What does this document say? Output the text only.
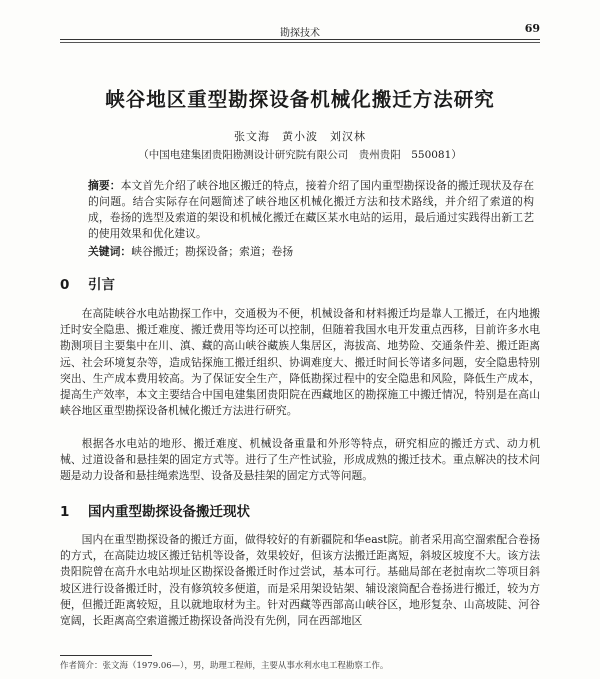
勘探技术	69
峡谷地区重型勘探设备机械化搬迁方法研究
张文海　黄小波　刘汉林
（中国电建集团贵阳勘测设计研究院有限公司　贵州贵阳　550081）
摘要：本文首先介绍了峡谷地区搬迁的特点，接着介绍了国内重型勘探设备的搬迁现状及存在的问题。结合实际存在问题简述了峡谷地区机械化搬迁方法和技术路线，并介绍了索道的构成，卷扬的选型及索道的架设和机械化搬迁在藏区某水电站的运用，最后通过实践得出新工艺的使用效果和优化建议。
关键词：峡谷搬迁；勘探设备；索道；卷扬
0 引言
在高陡峡谷水电站勘探工作中，交通极为不便，机械设备和材料搬迁均是靠人工搬迁，在内地搬迁时安全隐患、搬迁难度、搬迁费用等均还可以控制，但随着我国水电开发重点西移，目前许多水电勘测项目主要集中在川、滇、藏的高山峡谷藏族人集居区，海拔高、地势险、交通条件差、搬迁距离远、社会环境复杂等，造成钻探施工搬迁组织、协调难度大、搬迁时间长等诸多问题，安全隐患特别突出、生产成本费用较高。为了保证安全生产，降低勘探过程中的安全隐患和风险，降低生产成本，提高生产效率，本文主要结合中国电建集团贵阳院在西藏地区的勘探施工中搬迁情况，特别是在高山峡谷地区重型勘探设备机械化搬迁方法进行研究。
根据各水电站的地形、搬迁难度、机械设备重量和外形等特点，研究相应的搬迁方式、动力机械、过道设备和悬挂架的固定方式等。进行了生产性试验，形成成熟的搬迁技术。重点解决的技术问题是动力设备和悬挂绳索选型、设备及悬挂架的固定方式等问题。
1 国内重型勘探设备搬迁现状
国内在重型勘探设备的搬迁方面，做得较好的有新疆院和华east院。前者采用高空溜索配合卷扬的方式，在高陡边坡区搬迁钻机等设备，效果较好，但该方法搬迁距离短，斜坡区坡度不大。该方法贵阳院曾在高升水电站坝址区勘探设备搬迁时作过尝试，基本可行。基础局部在老挝南坎二等项目斜坡区进行设备搬迁时，没有修筑较多便道，而是采用架设钻架、辅设滚筒配合卷扬进行搬迁，较为方便，但搬迁距离较短，且以就地取材为主。针对西藏等西部高山峡谷区，地形复杂、山高坡陡、河谷宽阔，长距离高空索道搬迁勘探设备尚没有先例，同在西部地区
作者简介：张文海（1979.06—），男，助理工程师，主要从事水利水电工程勘察工作。
